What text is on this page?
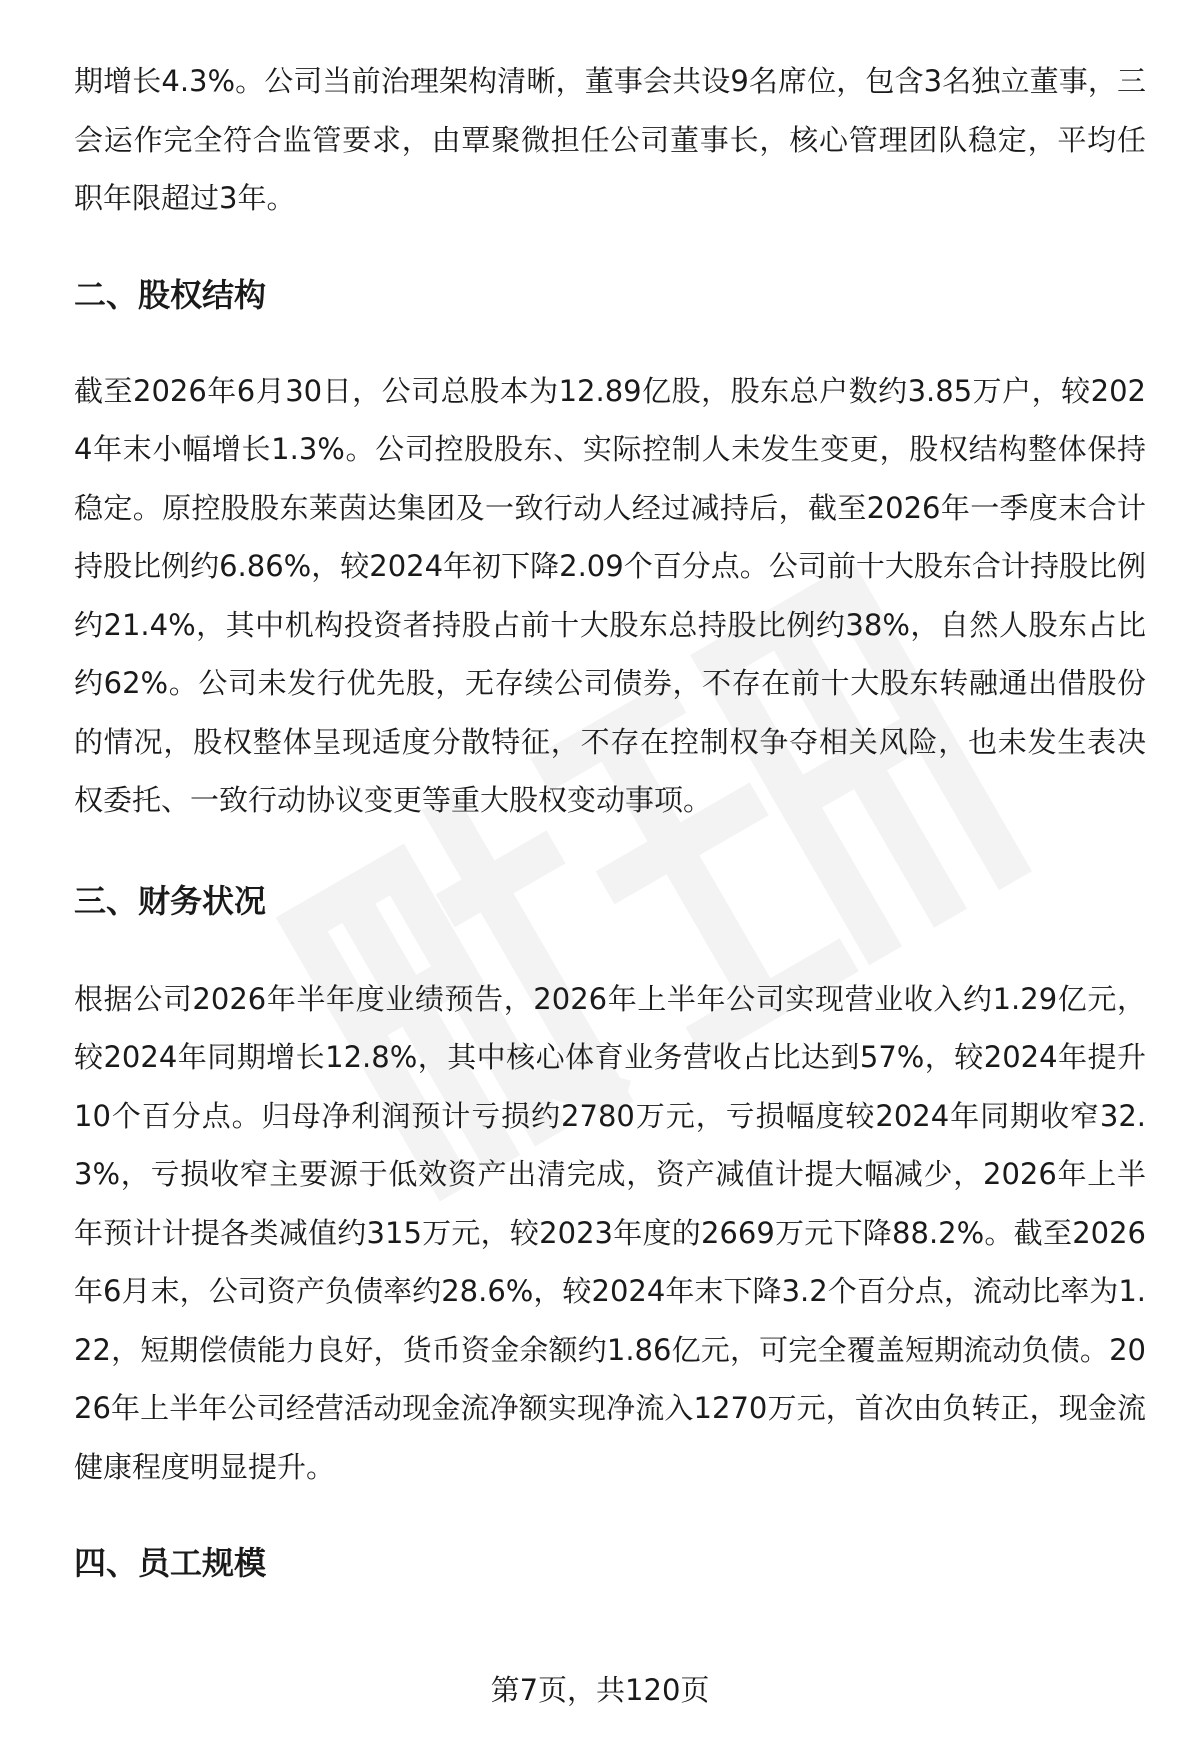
期增长4.3%。公司当前治理架构清晰，董事会共设9名席位，包含3名独立董事，三会运作完全符合监管要求，由覃聚微担任公司董事长，核心管理团队稳定，平均任职年限超过3年。

二、股权结构

截至2026年6月30日，公司总股本为12.89亿股，股东总户数约3.85万户，较2024年末小幅增长1.3%。公司控股股东、实际控制人未发生变更，股权结构整体保持稳定。原控股股东莱茵达集团及一致行动人经过减持后，截至2026年一季度末合计持股比例约6.86%，较2024年初下降2.09个百分点。公司前十大股东合计持股比例约21.4%，其中机构投资者持股占前十大股东总持股比例约38%，自然人股东占比约62%。公司未发行优先股，无存续公司债券，不存在前十大股东转融通出借股份的情况，股权整体呈现适度分散特征，不存在控制权争夺相关风险，也未发生表决权委托、一致行动协议变更等重大股权变动事项。

三、财务状况

根据公司2026年半年度业绩预告，2026年上半年公司实现营业收入约1.29亿元，较2024年同期增长12.8%，其中核心体育业务营收占比达到57%，较2024年提升10个百分点。归母净利润预计亏损约2780万元，亏损幅度较2024年同期收窄32.3%，亏损收窄主要源于低效资产出清完成，资产减值计提大幅减少，2026年上半年预计计提各类减值约315万元，较2023年度的2669万元下降88.2%。截至2026年6月末，公司资产负债率约28.6%，较2024年末下降3.2个百分点，流动比率为1.22，短期偿债能力良好，货币资金余额约1.86亿元，可完全覆盖短期流动负债。2026年上半年公司经营活动现金流净额实现净流入1270万元，首次由负转正，现金流健康程度明显提升。

四、员工规模
第7页，共120页
